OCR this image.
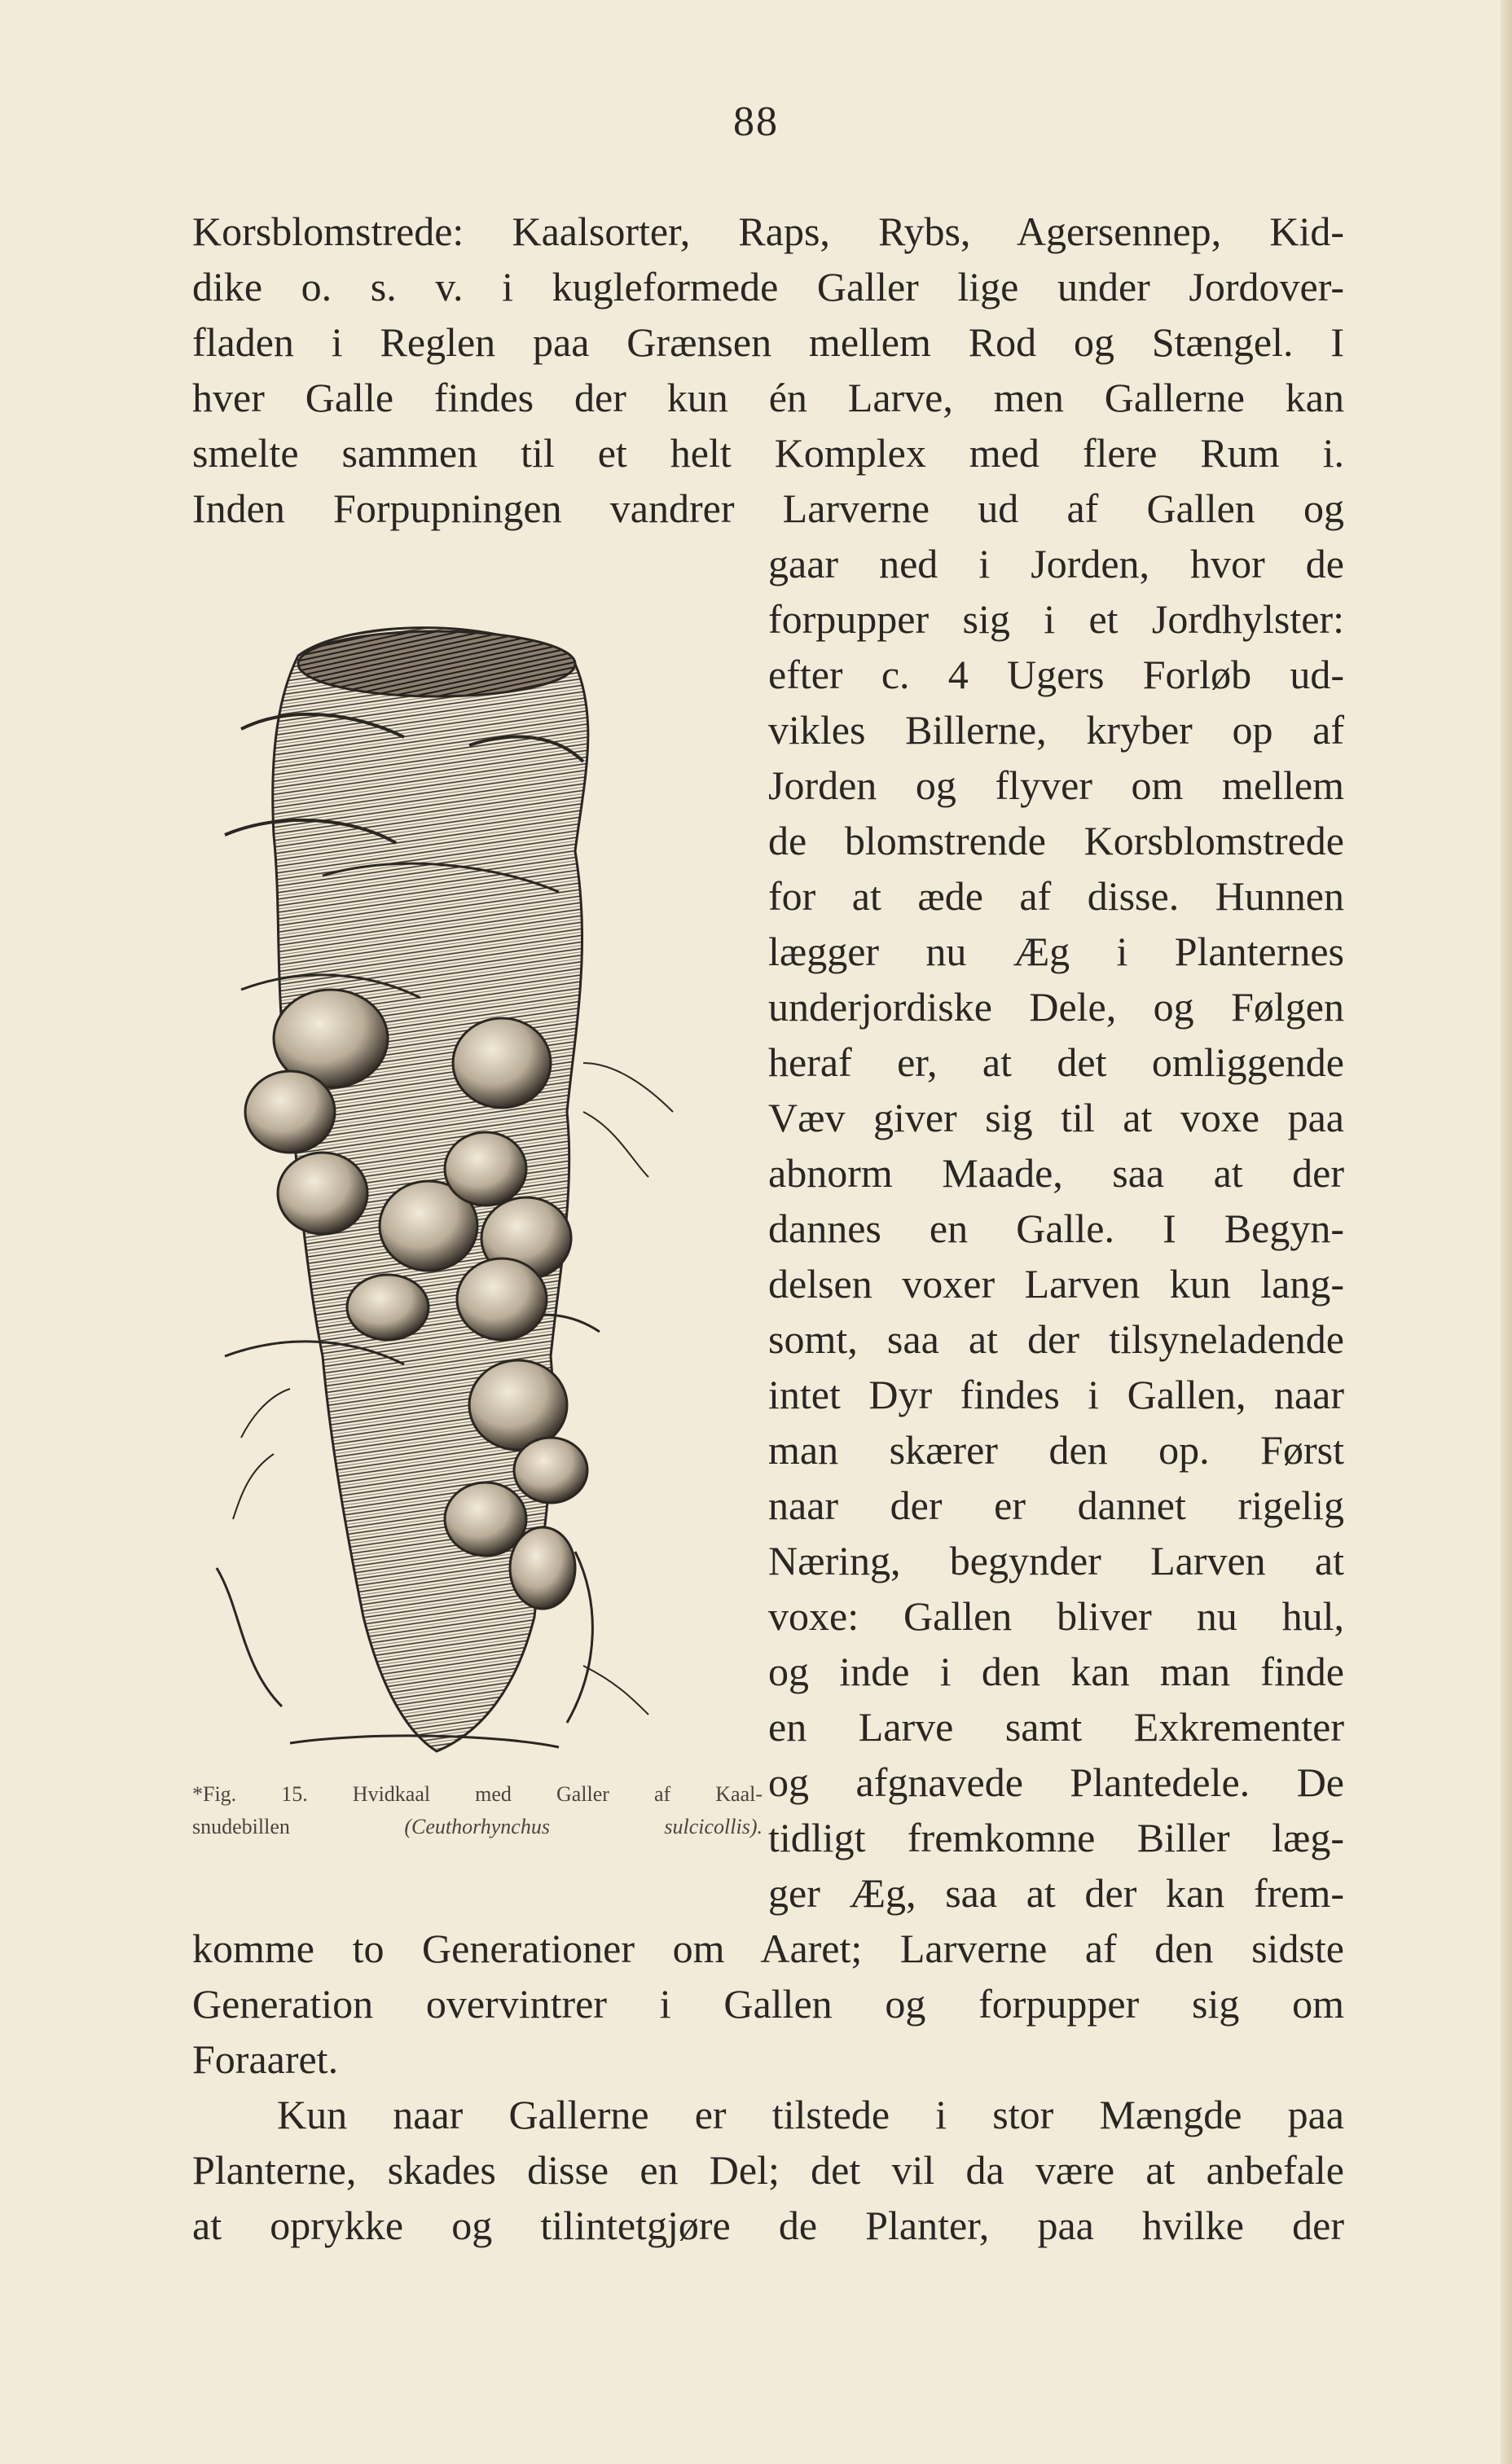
88
Korsblomstrede: Kaalsorter, Raps, Rybs, Agersennep, Kid-
dike o. s. v. i kugleformede Galler lige under Jordover-
fladen i Reglen paa Grænsen mellem Rod og Stængel. I
hver Galle findes der kun én Larve, men Gallerne kan
smelte sammen til et helt Komplex med flere Rum i.
Inden Forpupningen vandrer Larverne ud af Gallen og
gaar ned i Jorden, hvor de
forpupper sig i et Jordhylster:
efter c. 4 Ugers Forløb ud-
vikles Billerne, kryber op af
Jorden og flyver om mellem
de blomstrende Korsblomstrede
for at æde af disse. Hunnen
lægger nu Æg i Planternes
underjordiske Dele, og Følgen
heraf er, at det omliggende
Væv giver sig til at voxe paa
abnorm Maade, saa at der
dannes en Galle. I Begyn-
delsen voxer Larven kun lang-
somt, saa at der tilsyneladende
intet Dyr findes i Gallen, naar
man skærer den op. Først
naar der er dannet rigelig
Næring, begynder Larven at
voxe: Gallen bliver nu hul,
og inde i den kan man finde
en Larve samt Exkrementer
og afgnavede Plantedele. De
tidligt fremkomne Biller læg-
ger Æg, saa at der kan frem-
komme to Generationer om Aaret; Larverne af den sidste
Generation overvintrer i Gallen og forpupper sig om
Foraaret.
Kun naar Gallerne er tilstede i stor Mængde paa
Planterne, skades disse en Del; det vil da være at anbefale
at oprykke og tilintetgjøre de Planter, paa hvilke der
*Fig. 15. Hvidkaal med Galler af Kaal-
snudebillen	(Ceuthorhynchus sulcicollis).
